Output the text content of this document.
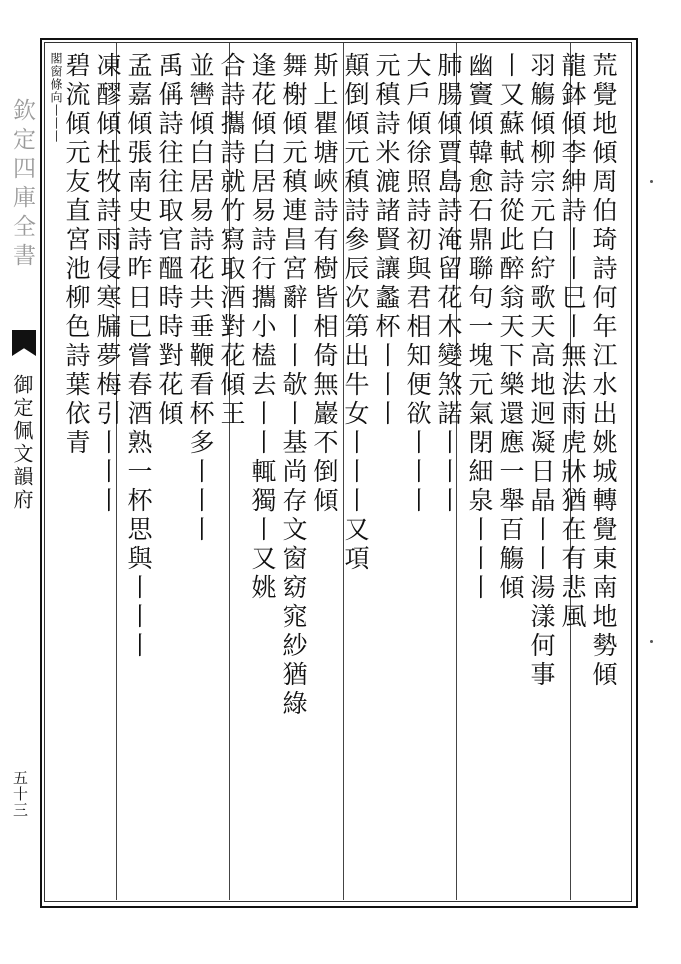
欽定四庫全書
御定佩文韻府
五十三
荒覺地傾周伯琦詩何年江水出姚城轉覺東南地勢傾
龍鉢傾李紳詩丨丨巳丨無法雨虎牀猶在有悲風
羽觴傾柳宗元白紵歌天高地迥凝日晶丨丨湯漾何事
丨又蘇軾詩從此醉翁天下樂還應一舉百觴傾
幽竇傾韓愈石鼎聯句一塊元氣閉細泉丨丨丨
肺腸傾賈島詩淹留花木變煞諾丨丨丨
大戶傾徐照詩初與君相知便欲丨丨丨
元稹詩米漉諸賢讓蠡杯丨丨丨
顛倒傾元稹詩參辰次第出牛女丨丨丨又項
斯上瞿塘峽詩有樹皆相倚無巖不倒傾
舞榭傾元稹連昌宮辭丨丨欹丨基尚存文窗窈窕紗猶綠
逢花傾白居易詩行攜小榼去丨丨輒獨丨又姚
合詩攜詩就竹寫取酒對花傾王
並轡傾白居易詩花共垂鞭看杯多丨丨丨
禹偁詩往往取官醞時時對花傾
孟嘉傾張南史詩昨日已嘗春酒熟一杯思與丨丨丨
凍醪傾杜牧詩雨侵寒牖夢梅引丨丨丨
碧流傾元友直宮池柳色詩葉依青
閣窗條向丨丨丨
